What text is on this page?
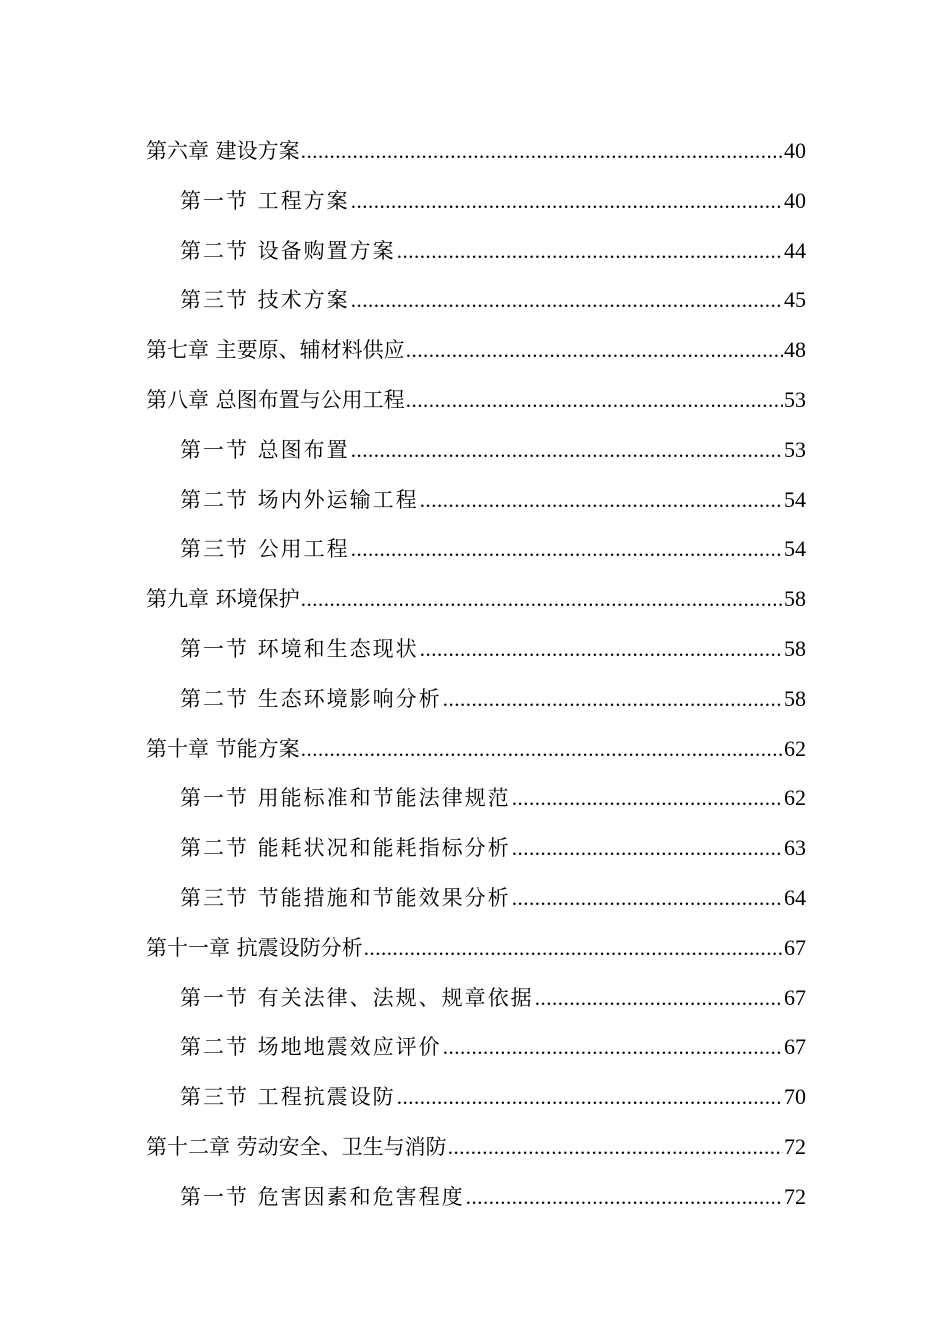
第六章 建设方案 .....	40
第一节 工程方案 .....	40
第二节 设备购置方案 .....	44
第三节 技术方案 .....	45
第七章 主要原、辅材料供应 .....	48
第八章 总图布置与公用工程 .....	53
第一节 总图布置 .....	53
第二节 场内外运输工程 .....	54
第三节 公用工程 .....	54
第九章 环境保护 .....	58
第一节 环境和生态现状 .....	58
第二节 生态环境影响分析 .....	58
第十章 节能方案 .....	62
第一节 用能标准和节能法律规范 .....	62
第二节 能耗状况和能耗指标分析 .....	63
第三节 节能措施和节能效果分析 .....	64
第十一章 抗震设防分析 .....	67
第一节 有关法律、法规、规章依据 .....	67
第二节 场地地震效应评价 .....	67
第三节 工程抗震设防 .....	70
第十二章 劳动安全、卫生与消防 .....	72
第一节 危害因素和危害程度 .....	72
